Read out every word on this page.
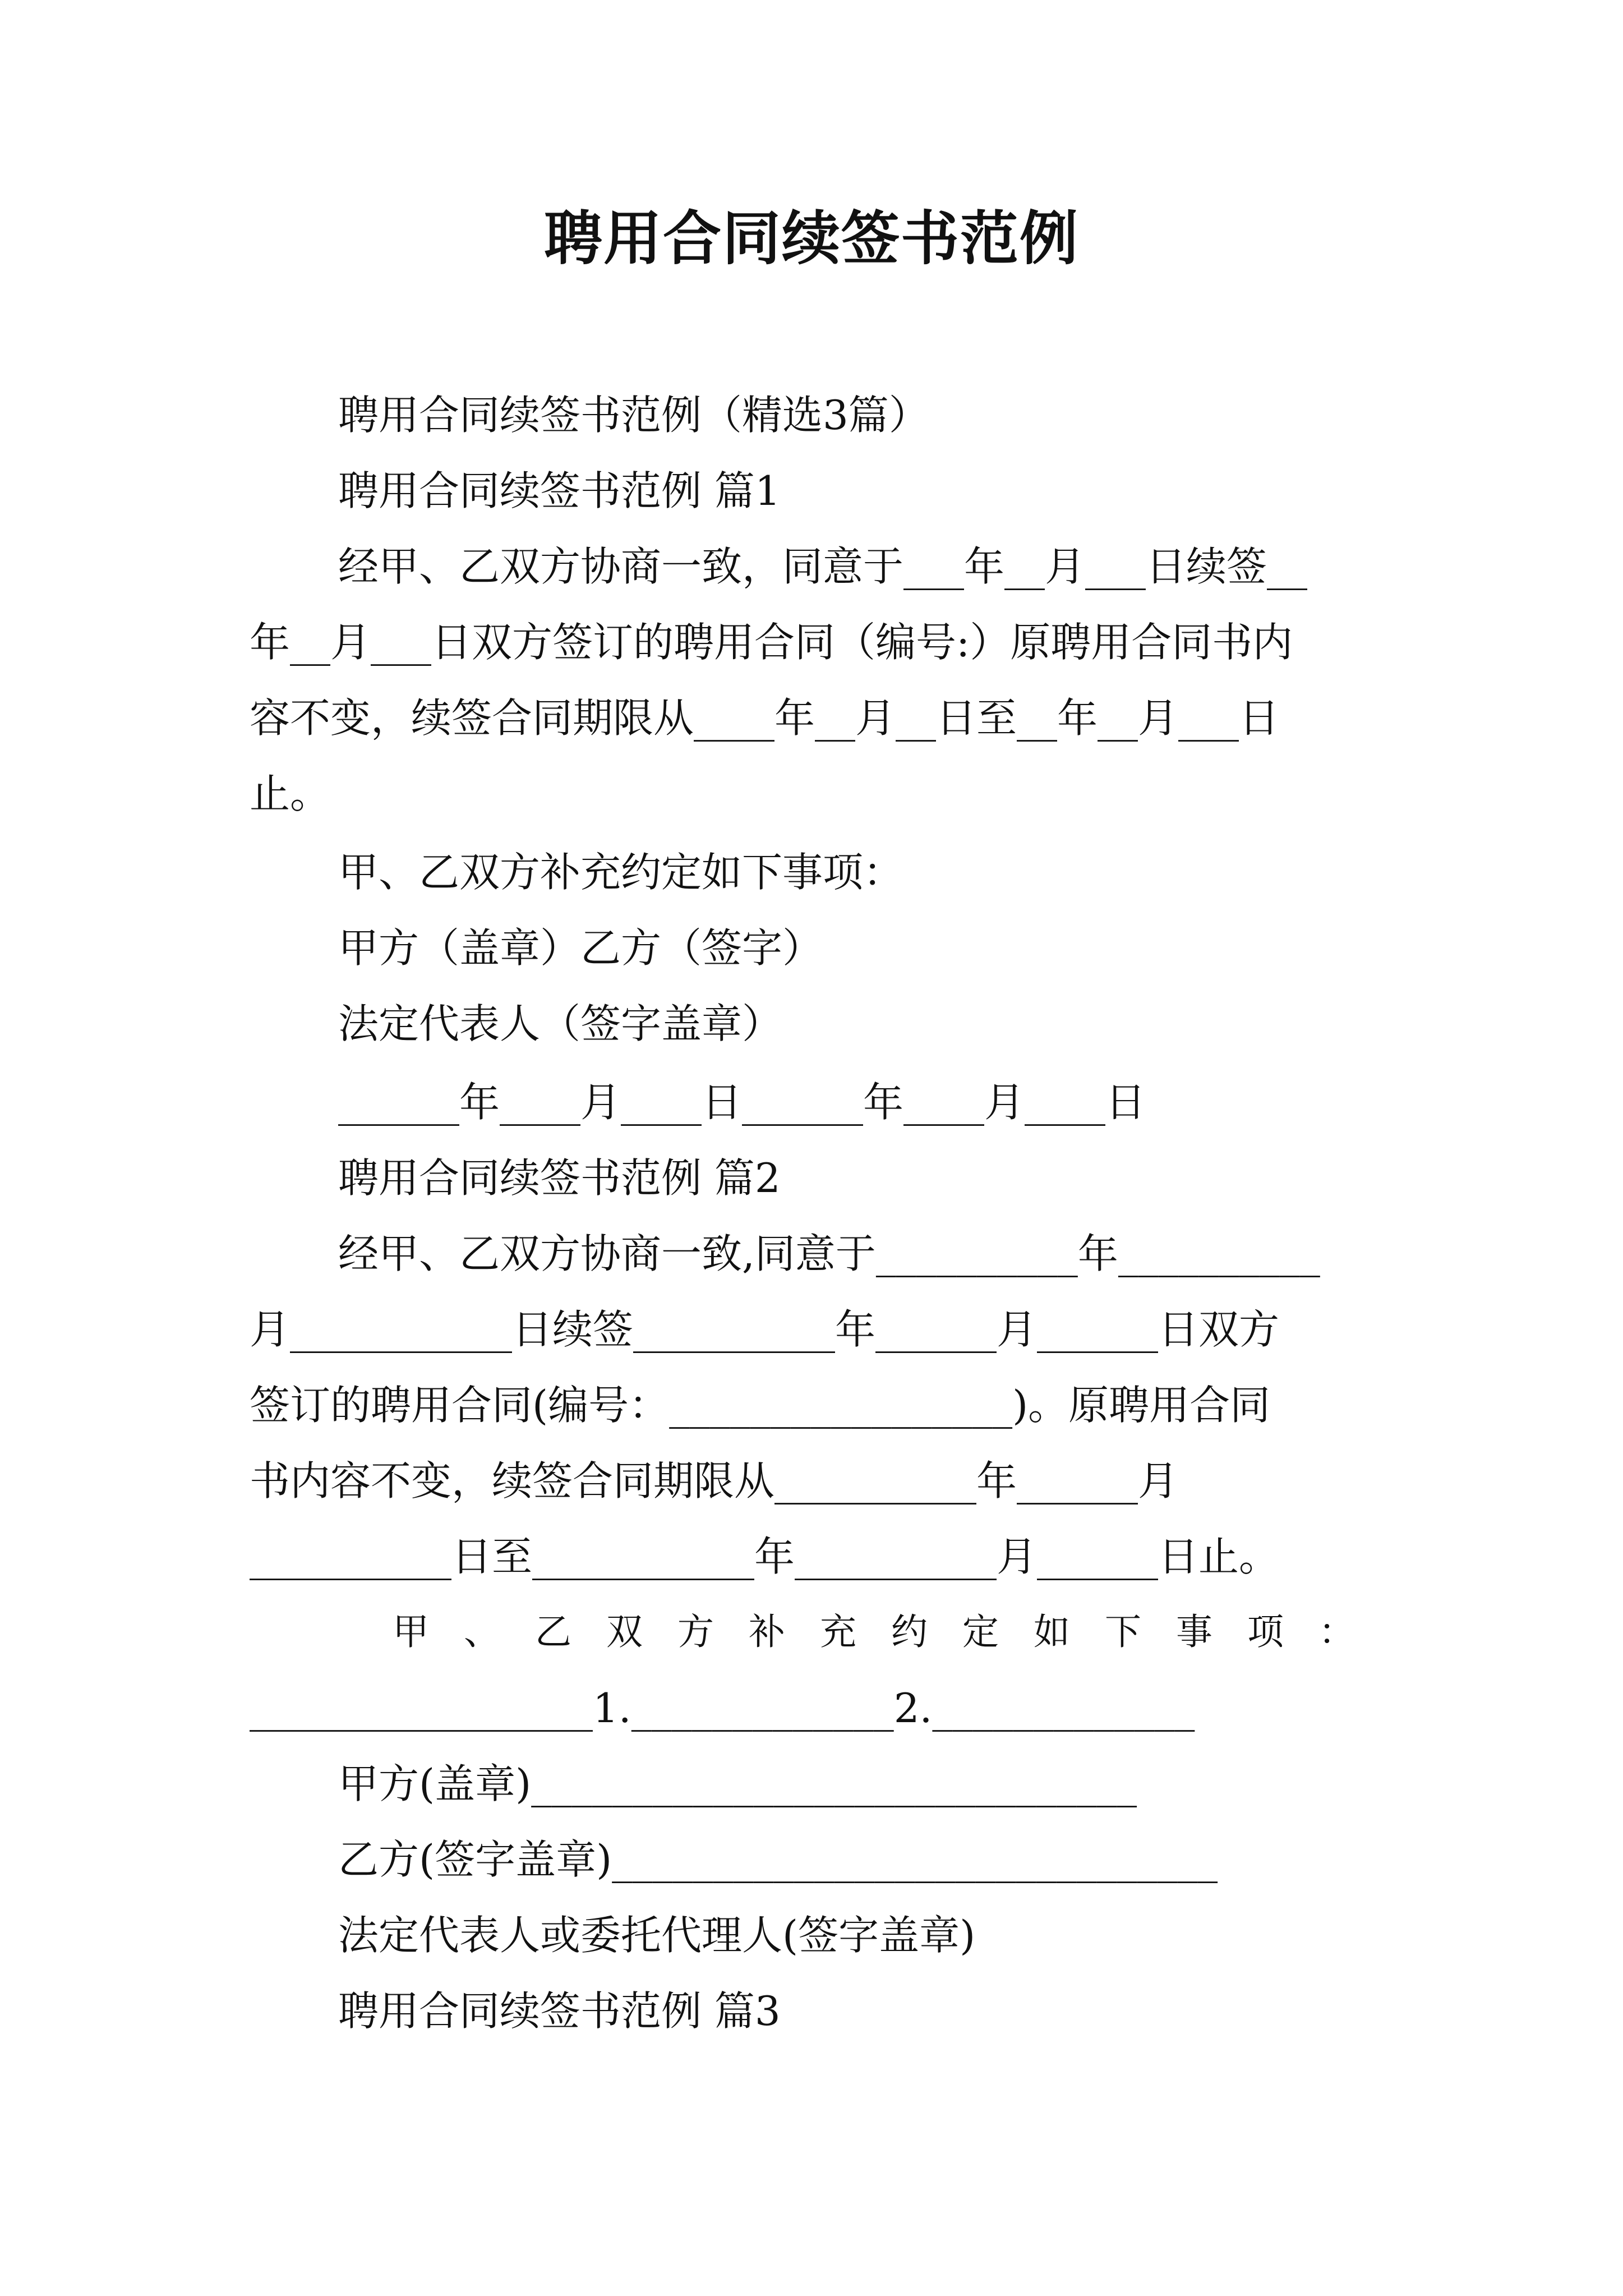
聘用合同续签书范例
聘用合同续签书范例（精选3篇）
聘用合同续签书范例 篇1
经甲、乙双方协商一致，同意于___年__月___日续签__
年__月___日双方签订的聘用合同（编号:）原聘用合同书内
容不变，续签合同期限从____年__月__日至__年__月___日
止。
甲、乙双方补充约定如下事项：
甲方（盖章）乙方（签字）
法定代表人（签字盖章）
______年____月____日______年____月____日
聘用合同续签书范例 篇2
经甲、乙双方协商一致,同意于__________年__________
月___________日续签__________年______月______日双方
签订的聘用合同(编号：_________________)。原聘用合同
书内容不变，续签合同期限从__________年______月
__________日至___________年__________月______日止。
甲、乙双方补充约定如下事项：
_________________1._____________2._____________
甲方(盖章)______________________________
乙方(签字盖章)______________________________
法定代表人或委托代理人(签字盖章)
聘用合同续签书范例 篇3
